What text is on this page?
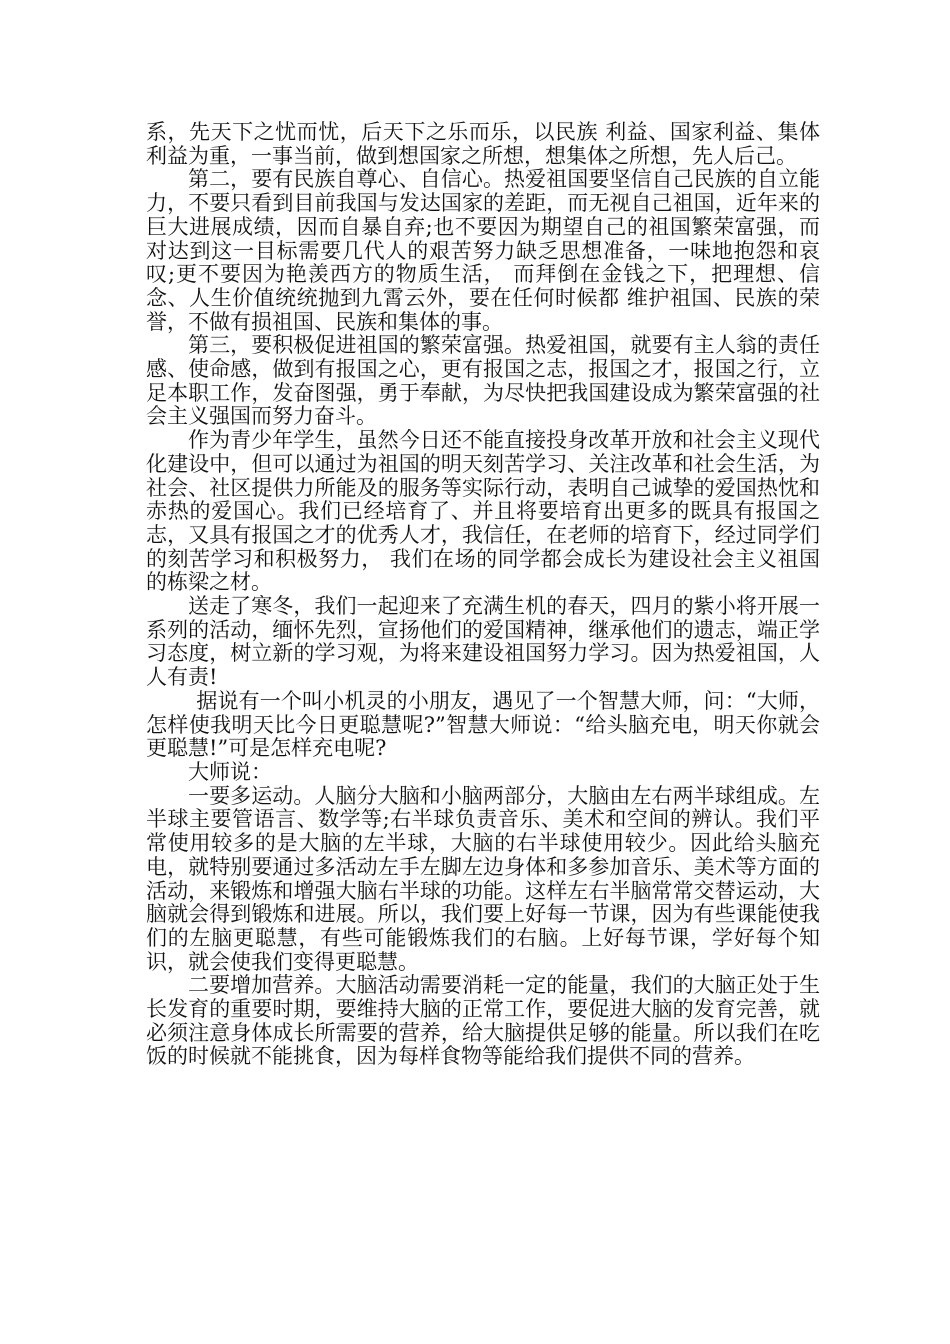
系，先天下之忧而忧，后天下之乐而乐，以民族 利益、国家利益、集体利益为重，一事当前，做到想国家之所想，想集体之所想，先人后己。

第二，要有民族自尊心、自信心。热爱祖国要坚信自己民族的自立能力，不要只看到目前我国与发达国家的差距，而无视自己祖国，近年来的巨大进展成绩，因而自暴自弃;也不要因为期望自己的祖国繁荣富强，而对达到这一目标需要几代人的艰苦努力缺乏思想准备，一味地抱怨和哀叹;更不要因为艳羡西方的物质生活， 而拜倒在金钱之下，把理想、信念、人生价值统统抛到九霄云外，要在任何时候都 维护祖国、民族的荣誉，不做有损祖国、民族和集体的事。

第三，要积极促进祖国的繁荣富强。热爱祖国，就要有主人翁的责任感、使命感，做到有报国之心，更有报国之志，报国之才，报国之行，立足本职工作，发奋图强，勇于奉献，为尽快把我国建设成为繁荣富强的社会主义强国而努力奋斗。

作为青少年学生，虽然今日还不能直接投身改革开放和社会主义现代化建设中，但可以通过为祖国的明天刻苦学习、关注改革和社会生活，为社会、社区提供力所能及的服务等实际行动，表明自己诚挚的爱国热忱和赤热的爱国心。我们已经培育了、并且将要培育出更多的既具有报国之志，又具有报国之才的优秀人才，我信任，在老师的培育下，经过同学们的刻苦学习和积极努力， 我们在场的同学都会成长为建设社会主义祖国的栋梁之材。

送走了寒冬，我们一起迎来了充满生机的春天，四月的紫小将开展一系列的活动，缅怀先烈，宣扬他们的爱国精神，继承他们的遗志，端正学习态度，树立新的学习观，为将来建设祖国努力学习。因为热爱祖国，人人有责!

据说有一个叫小机灵的小朋友，遇见了一个智慧大师，问：“大师，怎样使我明天比今日更聪慧呢?”智慧大师说：“给头脑充电，明天你就会更聪慧!”可是怎样充电呢?

大师说：

一要多运动。人脑分大脑和小脑两部分，大脑由左右两半球组成。左半球主要管语言、数学等;右半球负责音乐、美术和空间的辨认。我们平常使用较多的是大脑的左半球，大脑的右半球使用较少。因此给头脑充电，就特别要通过多活动左手左脚左边身体和多参加音乐、美术等方面的活动，来锻炼和增强大脑右半球的功能。这样左右半脑常常交替运动，大脑就会得到锻炼和进展。所以，我们要上好每一节课，因为有些课能使我们的左脑更聪慧，有些可能锻炼我们的右脑。上好每节课，学好每个知识，就会使我们变得更聪慧。

二要增加营养。大脑活动需要消耗一定的能量，我们的大脑正处于生长发育的重要时期，要维持大脑的正常工作，要促进大脑的发育完善，就必须注意身体成长所需要的营养，给大脑提供足够的能量。所以我们在吃饭的时候就不能挑食，因为每样食物等能给我们提供不同的营养。
